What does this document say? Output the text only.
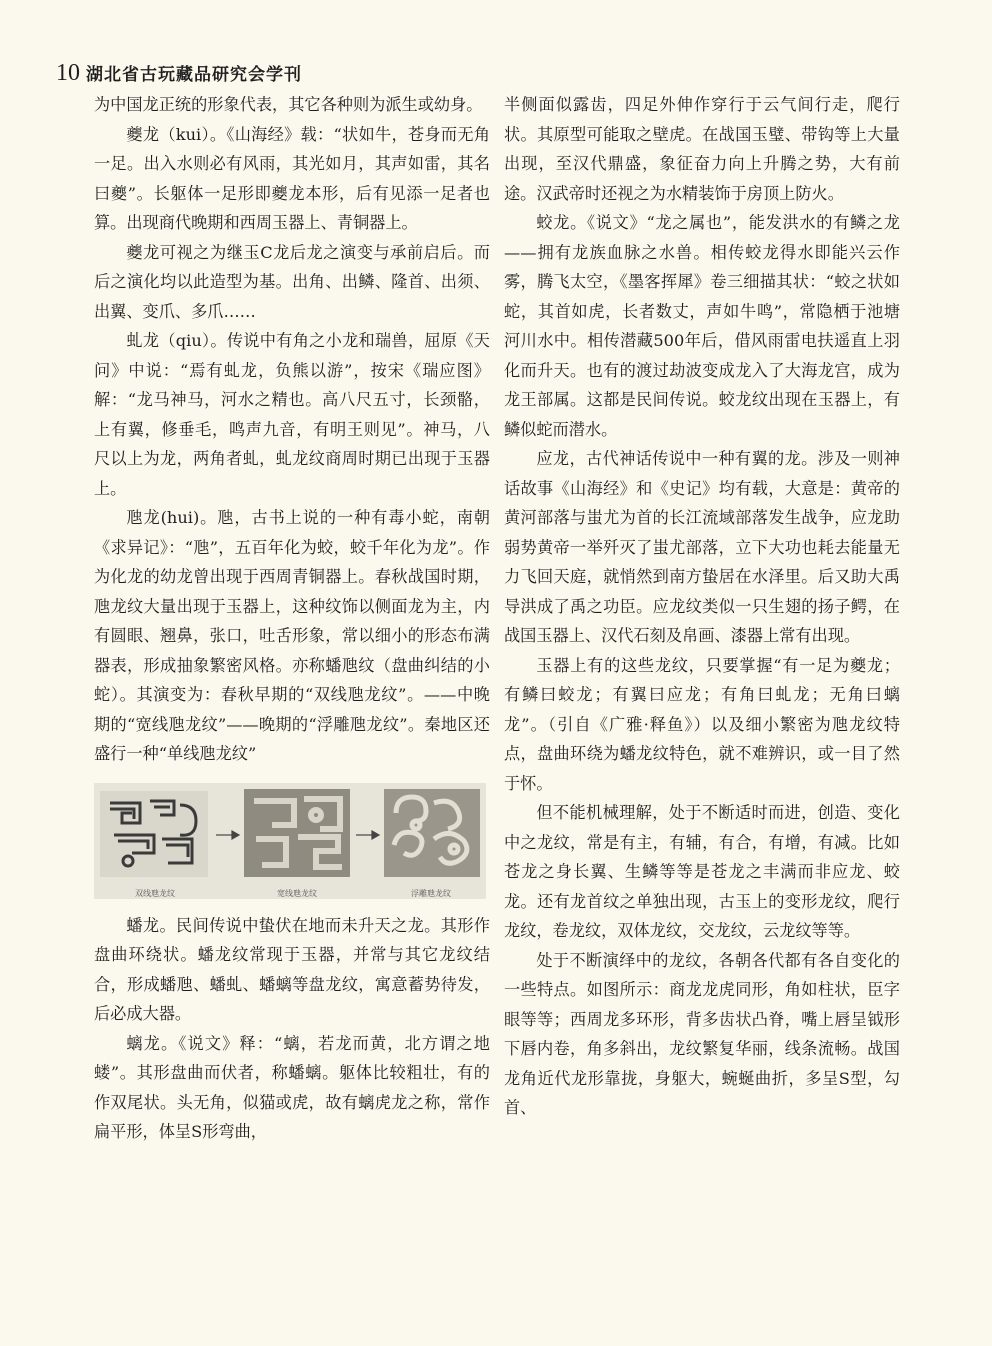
10 湖北省古玩藏品研究会学刊

为中国龙正统的形象代表，其它各种则为派生或幼身。

夔龙（kui）。《山海经》载：“状如牛，苍身而无角一足。出入水则必有风雨，其光如月，其声如雷，其名曰夔”。长躯体一足形即夔龙本形，后有见添一足者也算。出现商代晚期和西周玉器上、青铜器上。

夔龙可视之为继玉C龙后龙之演变与承前启后。而后之演化均以此造型为基。出角、出鳞、隆首、出须、出翼、变爪、多爪……

虬龙（qiu）。传说中有角之小龙和瑞兽，屈原《天问》中说：“焉有虬龙，负熊以游”，按宋《瑞应图》解：“龙马神马，河水之精也。高八尺五寸，长颈骼，上有翼，修垂毛，鸣声九音，有明王则见”。神马，八尺以上为龙，两角者虬，虬龙纹商周时期已出现于玉器上。

虺龙(hui)。虺，古书上说的一种有毒小蛇，南朝《求异记》：“虺”，五百年化为蛟，蛟千年化为龙”。作为化龙的幼龙曾出现于西周青铜器上。春秋战国时期，虺龙纹大量出现于玉器上，这种纹饰以侧面龙为主，内有圆眼、翘鼻，张口，吐舌形象，常以细小的形态布满器表，形成抽象繁密风格。亦称蟠虺纹（盘曲纠结的小蛇）。其演变为：春秋早期的“双线虺龙纹”。——中晚期的“宽线虺龙纹”——晚期的“浮雕虺龙纹”。秦地区还盛行一种“单线虺龙纹”

双线虺龙纹	宽线虺龙纹	浮雕虺龙纹

蟠龙。民间传说中蛰伏在地而未升天之龙。其形作盘曲环绕状。蟠龙纹常现于玉器，并常与其它龙纹结合，形成蟠虺、蟠虬、蟠螭等盘龙纹，寓意蓄势待发，后必成大器。

螭龙。《说文》释：“螭，若龙而黄，北方谓之地蝼”。其形盘曲而伏者，称蟠螭。躯体比较粗壮，有的作双尾状。头无角，似猫或虎，故有螭虎龙之称，常作扁平形，体呈S形弯曲，

半侧面似露齿，四足外伸作穿行于云气间行走，爬行状。其原型可能取之壁虎。在战国玉璧、带钩等上大量出现，至汉代鼎盛，象征奋力向上升腾之势，大有前途。汉武帝时还视之为水精装饰于房顶上防火。

蛟龙。《说文》“龙之属也”，能发洪水的有鳞之龙——拥有龙族血脉之水兽。相传蛟龙得水即能兴云作雾，腾飞太空，《墨客挥犀》卷三细描其状：“蛟之状如蛇，其首如虎，长者数丈，声如牛鸣”，常隐栖于池塘河川水中。相传潜藏500年后，借风雨雷电扶遥直上羽化而升天。也有的渡过劫波变成龙入了大海龙宫，成为龙王部属。这都是民间传说。蛟龙纹出现在玉器上，有鳞似蛇而潜水。

应龙，古代神话传说中一种有翼的龙。涉及一则神话故事《山海经》和《史记》均有载，大意是：黄帝的黄河部落与蚩尤为首的长江流域部落发生战争，应龙助弱势黄帝一举歼灭了蚩尤部落，立下大功也耗去能量无力飞回天庭，就悄然到南方蛰居在水泽里。后又助大禹导洪成了禹之功臣。应龙纹类似一只生翅的扬子鳄，在战国玉器上、汉代石刻及帛画、漆器上常有出现。

玉器上有的这些龙纹，只要掌握“有一足为夔龙；有鳞曰蛟龙；有翼曰应龙；有角曰虬龙；无角曰螭龙”。（引自《广雅·释鱼》）以及细小繁密为虺龙纹特点，盘曲环绕为蟠龙纹特色，就不难辨识，或一目了然于怀。

但不能机械理解，处于不断适时而进，创造、变化中之龙纹，常是有主，有辅，有合，有增，有减。比如苍龙之身长翼、生鳞等等是苍龙之丰满而非应龙、蛟龙。还有龙首纹之单独出现，古玉上的变形龙纹，爬行龙纹，卷龙纹，双体龙纹，交龙纹，云龙纹等等。

处于不断演绎中的龙纹，各朝各代都有各自变化的一些特点。如图所示：商龙龙虎同形，角如柱状，臣字眼等等；西周龙多环形，背多齿状凸脊，嘴上唇呈钺形下唇内卷，角多斜出，龙纹繁复华丽，线条流畅。战国龙角近代龙形靠拢，身躯大，蜿蜒曲折，多呈S型，勾首、
